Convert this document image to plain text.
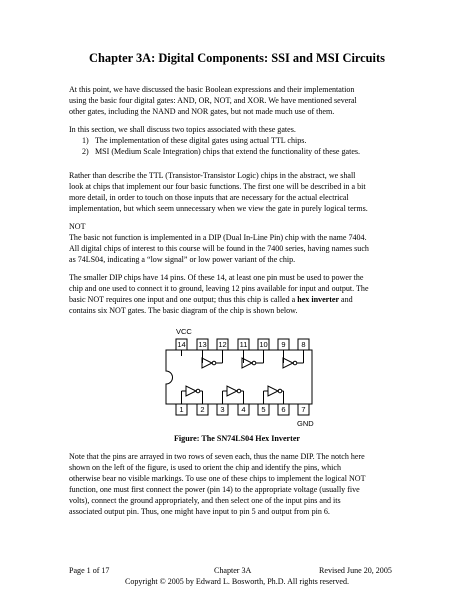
Chapter 3A: Digital Components: SSI and MSI Circuits

At this point, we have discussed the basic Boolean expressions and their implementation
using the basic four digital gates: AND, OR, NOT, and XOR. We have mentioned several
other gates, including the NAND and NOR gates, but not made much use of them.

In this section, we shall discuss two topics associated with these gates.

1) The implementation of these digital gates using actual TTL chips.
2) MSI (Medium Scale Integration) chips that extend the functionality of these gates.

Rather than describe the TTL (Transistor-Transistor Logic) chips in the abstract, we shall
look at chips that implement our four basic functions. The first one will be described in a bit
more detail, in order to touch on those inputs that are necessary for the actual electrical
implementation, but which seem unnecessary when we view the gate in purely logical terms.

NOT

The basic not function is implemented in a DIP (Dual In-Line Pin) chip with the name 7404.
All digital chips of interest to this course will be found in the 7400 series, having names such
as 74LS04, indicating a “low signal” or low power variant of the chip.

The smaller DIP chips have 14 pins. Of these 14, at least one pin must be used to power the
chip and one used to connect it to ground, leaving 12 pins available for input and output. The
basic NOT requires one input and one output; thus this chip is called a hex inverter and
contains six NOT gates. The basic diagram of the chip is shown below.

14 13 12 11 10 9 8
1 2 3 4 5 6 7
VCC
GND
Figure: The SN74LS04 Hex Inverter

Note that the pins are arrayed in two rows of seven each, thus the name DIP. The notch here
shown on the left of the figure, is used to orient the chip and identify the pins, which
otherwise bear no visible markings. To use one of these chips to implement the logical NOT
function, one must first connect the power (pin 14) to the appropriate voltage (usually five
volts), connect the ground appropriately, and then select one of the input pins and its
associated output pin. Thus, one might have input to pin 5 and output from pin 6.

Page 1 of 17	Chapter 3A	Revised June 20, 2005
Copyright © 2005 by Edward L. Bosworth, Ph.D. All rights reserved.
